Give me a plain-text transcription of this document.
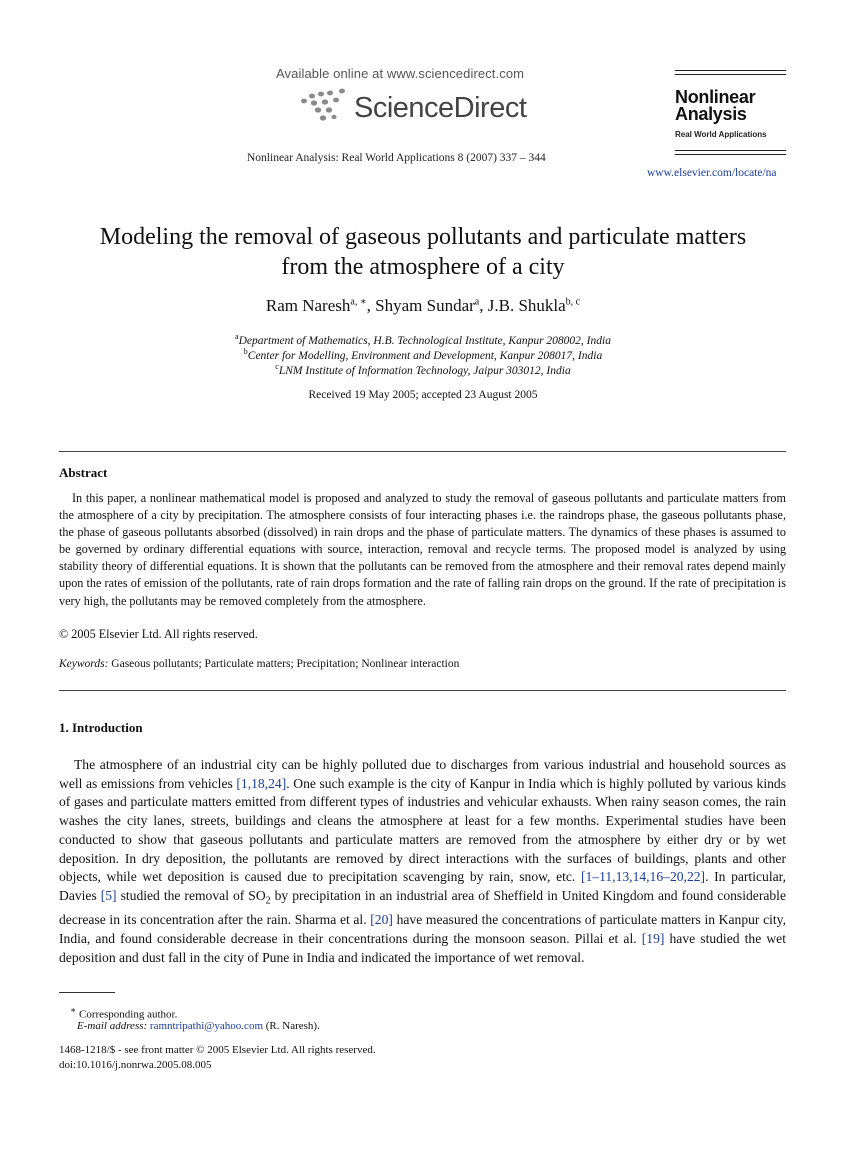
Available online at www.sciencedirect.com
ScienceDirect
Nonlinear Analysis: Real World Applications 8 (2007) 337 – 344
Nonlinear
Analysis
Real World Applications
www.elsevier.com/locate/na
Modeling the removal of gaseous pollutants and particulate matters
from the atmosphere of a city
Ram Naresh$^{a, ∗}$, Shyam Sundar$^a$, J.B. Shukla$^{b, c}$
$^a$Department of Mathematics, H.B. Technological Institute, Kanpur 208002, India
$^b$Center for Modelling, Environment and Development, Kanpur 208017, India
$^c$LNM Institute of Information Technology, Jaipur 303012, India
Received 19 May 2005; accepted 23 August 2005
Abstract
In this paper, a nonlinear mathematical model is proposed and analyzed to study the removal of gaseous pollutants and particulate matters from the atmosphere of a city by precipitation. The atmosphere consists of four interacting phases i.e. the raindrops phase, the gaseous pollutants phase, the phase of gaseous pollutants absorbed (dissolved) in rain drops and the phase of particulate matters. The dynamics of these phases is assumed to be governed by ordinary differential equations with source, interaction, removal and recycle terms. The proposed model is analyzed by using stability theory of differential equations. It is shown that the pollutants can be removed from the atmosphere and their removal rates depend mainly upon the rates of emission of the pollutants, rate of rain drops formation and the rate of falling rain drops on the ground. If the rate of precipitation is very high, the pollutants may be removed completely from the atmosphere.
© 2005 Elsevier Ltd. All rights reserved.
Keywords: Gaseous pollutants; Particulate matters; Precipitation; Nonlinear interaction
1. Introduction
The atmosphere of an industrial city can be highly polluted due to discharges from various industrial and household sources as well as emissions from vehicles [1,18,24]. One such example is the city of Kanpur in India which is highly polluted by various kinds of gases and particulate matters emitted from different types of industries and vehicular exhausts. When rainy season comes, the rain washes the city lanes, streets, buildings and cleans the atmosphere at least for a few months. Experimental studies have been conducted to show that gaseous pollutants and particulate matters are removed from the atmosphere by either dry or by wet deposition. In dry deposition, the pollutants are removed by direct interactions with the surfaces of buildings, plants and other objects, while wet deposition is caused due to precipitation scavenging by rain, snow, etc. [1–11,13,14,16–20,22]. In particular, Davies [5] studied the removal of $SO_2$ by precipitation in an industrial area of Sheffield in United Kingdom and found considerable decrease in its concentration after the rain. Sharma et al. [20] have measured the concentrations of particulate matters in Kanpur city, India, and found considerable decrease in their concentrations during the monsoon season. Pillai et al. [19] have studied the wet deposition and dust fall in the city of Pune in India and indicated the importance of wet removal.
∗ Corresponding author.
E-mail address: ramntripathi@yahoo.com (R. Naresh).
1468-1218/$ - see front matter © 2005 Elsevier Ltd. All rights reserved.
doi:10.1016/j.nonrwa.2005.08.005
